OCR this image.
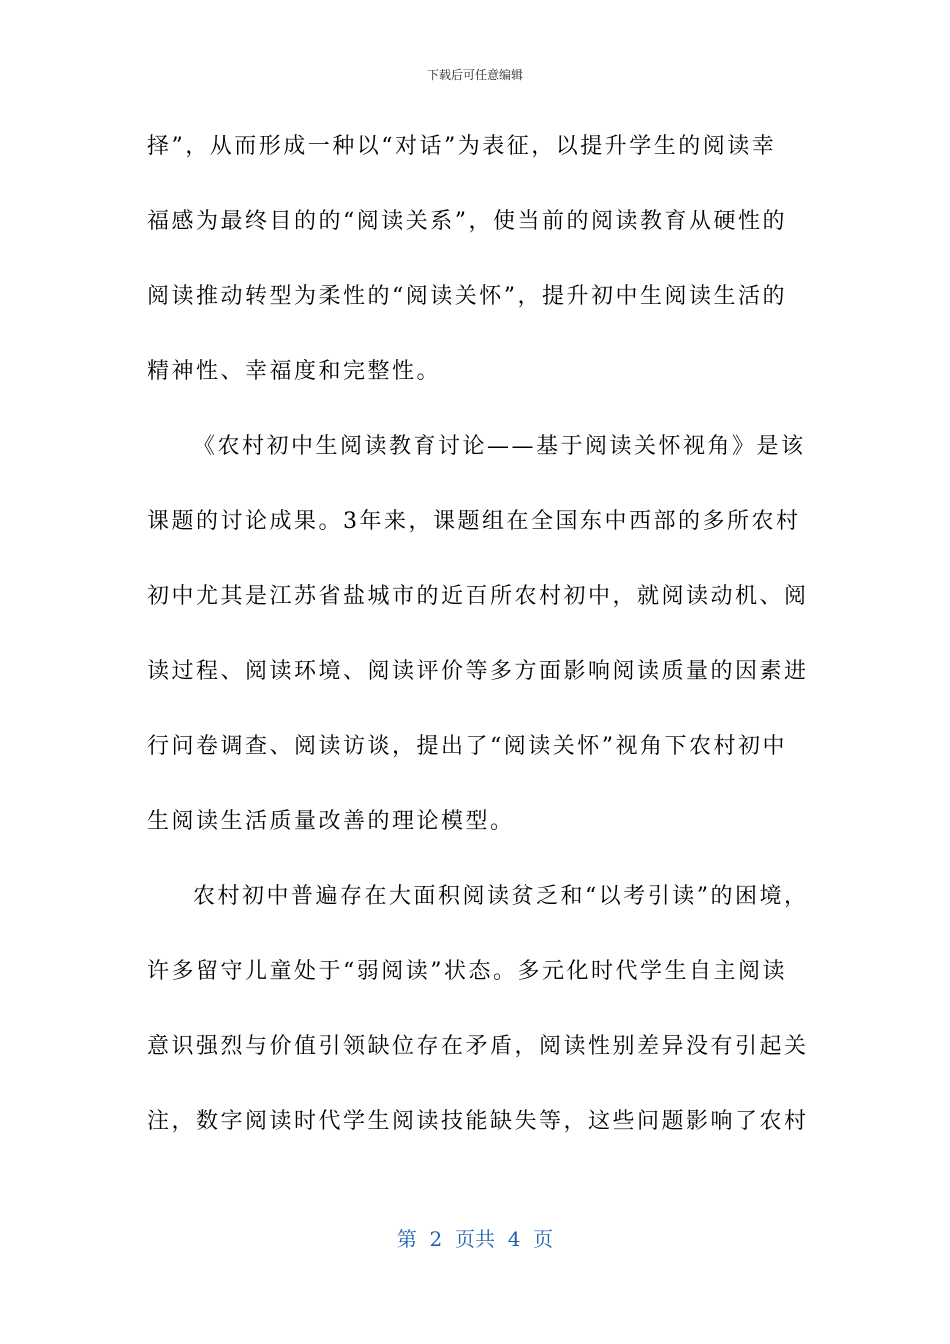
下载后可任意编辑
择”，从而形成一种以“对话”为表征，以提升学生的阅读幸
福感为最终目的的“阅读关系”，使当前的阅读教育从硬性的
阅读推动转型为柔性的“阅读关怀”，提升初中生阅读生活的
精神性、幸福度和完整性。
《农村初中生阅读教育讨论——基于阅读关怀视角》是该
课题的讨论成果。3年来，课题组在全国东中西部的多所农村
初中尤其是江苏省盐城市的近百所农村初中，就阅读动机、阅
读过程、阅读环境、阅读评价等多方面影响阅读质量的因素进
行问卷调查、阅读访谈，提出了“阅读关怀”视角下农村初中
生阅读生活质量改善的理论模型。
农村初中普遍存在大面积阅读贫乏和“以考引读”的困境，
许多留守儿童处于“弱阅读”状态。多元化时代学生自主阅读
意识强烈与价值引领缺位存在矛盾，阅读性别差异没有引起关
注，数字阅读时代学生阅读技能缺失等，这些问题影响了农村
第  2  页共  4  页
